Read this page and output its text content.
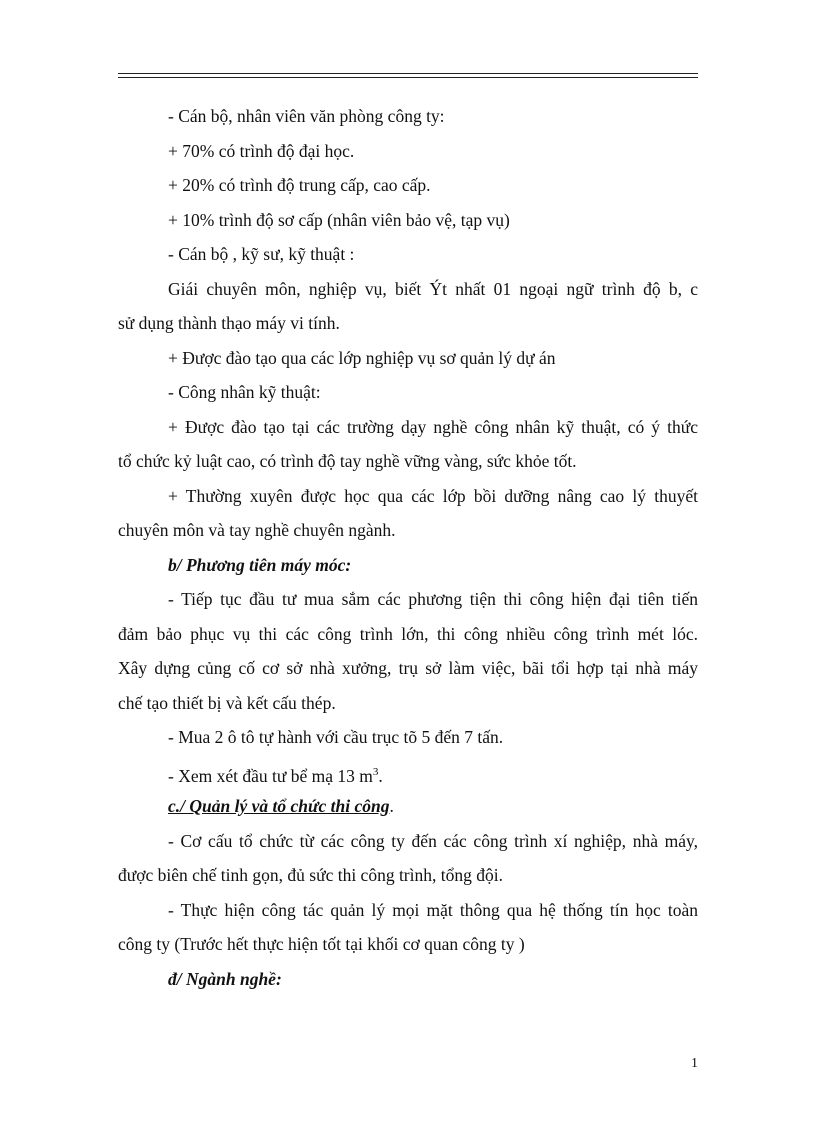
- Cán bộ, nhân viên văn phòng công ty:
+ 70% có trình độ đại học.
+ 20% có trình độ trung cấp, cao cấp.
+ 10% trình độ sơ cấp (nhân viên bảo vệ, tạp vụ)
- Cán bộ , kỹ sư, kỹ thuật :
Giái chuyên môn, nghiệp vụ, biết Ýt nhất 01 ngoại ngữ trình độ b, c
sử dụng thành thạo máy vi tính.
+ Được đào tạo qua các lớp nghiệp vụ sơ quản lý dự án
- Công nhân kỹ thuật:
+ Được đào tạo tại các trường dạy nghề công nhân kỹ thuật, có ý thức
tổ chức kỷ luật cao, có trình độ tay nghề vững vàng, sức khỏe tốt.
+ Thường xuyên được học qua các lớp bồi dưỡng nâng cao lý thuyết
chuyên môn và tay nghề chuyên ngành.
b/ Phương tiên máy móc:
- Tiếp tục đầu tư mua sắm các phương tiện thi công hiện đại tiên tiến
đảm bảo phục vụ thi các công trình lớn, thi công nhiều công trình mét lóc.
Xây dựng củng cố cơ sở nhà xưởng, trụ sở làm việc, bãi tổi hợp tại nhà máy
chế tạo thiết bị và kết cấu thép.
- Mua 2 ô tô tự hành với cầu trục tõ 5 đến 7 tấn.
- Xem xét đầu tư bể mạ 13 $m^3$.
c./ Quản lý và tổ chức thi công.
- Cơ cấu tổ chức từ các công ty đến các công trình xí nghiệp, nhà máy,
được biên chế tinh gọn, đủ sức thi công trình, tổng đội.
- Thực hiện công tác quản lý mọi mặt thông qua hệ thống tín học toàn
công ty (Trước hết thực hiện tốt tại khối cơ quan công ty )
đ/ Ngành nghề:
1
